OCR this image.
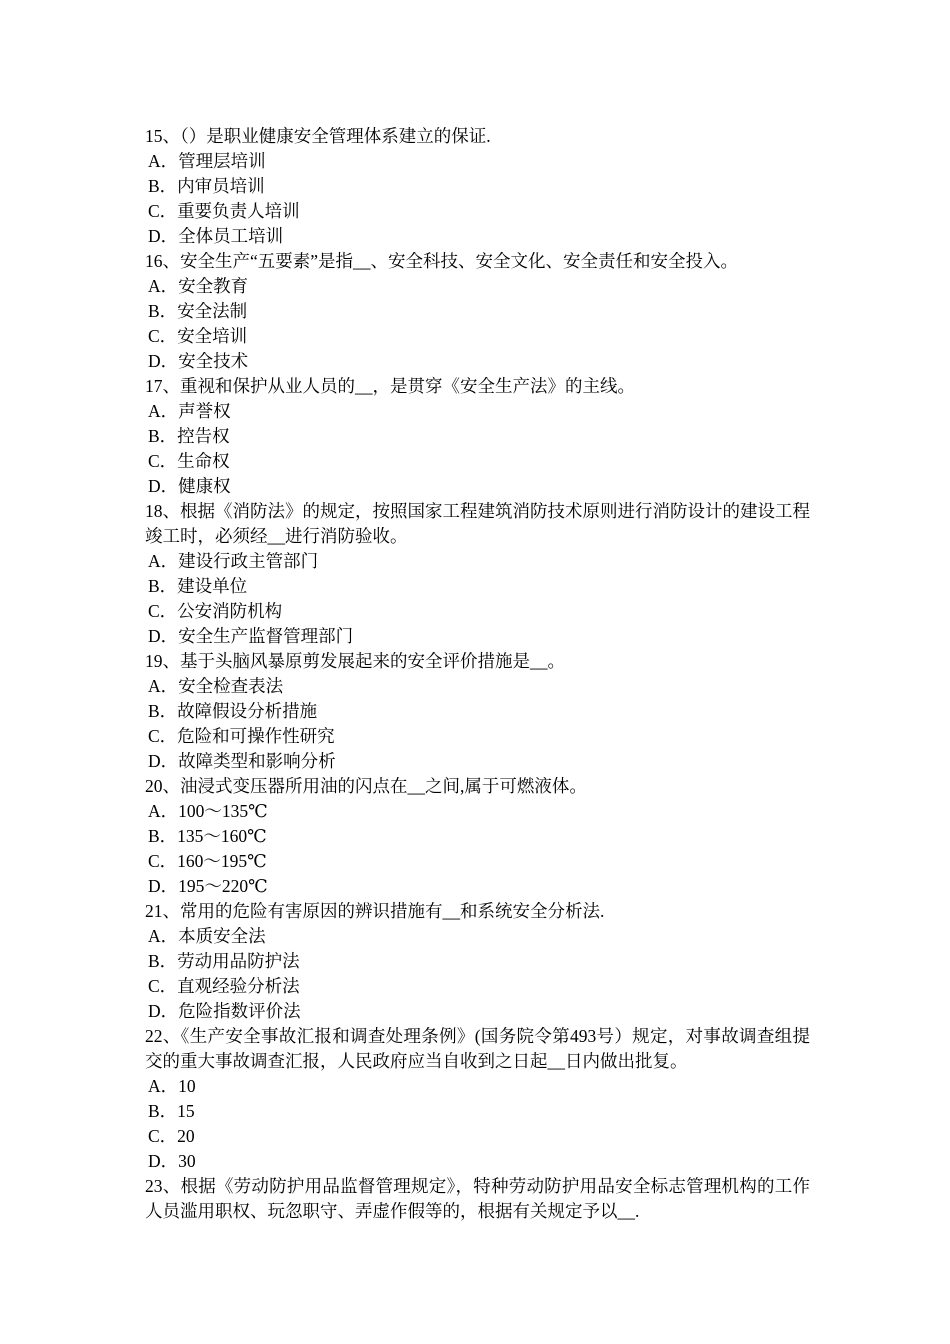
15、（）是职业健康安全管理体系建立的保证.

A．管理层培训

B．内审员培训

C．重要负责人培训

D．全体员工培训

16、安全生产“五要素”是指__、安全科技、安全文化、安全责任和安全投入。

A．安全教育

B．安全法制

C．安全培训

D．安全技术

17、重视和保护从业人员的__，是贯穿《安全生产法》的主线。

A．声誉权

B．控告权

C．生命权

D．健康权

18、根据《消防法》的规定，按照国家工程建筑消防技术原则进行消防设计的建设工程竣工时，必须经__进行消防验收。

A．建设行政主管部门

B．建设单位

C．公安消防机构

D．安全生产监督管理部门

19、基于头脑风暴原剪发展起来的安全评价措施是__。

A．安全检查表法

B．故障假设分析措施

C．危险和可操作性研究

D．故障类型和影响分析

20、油浸式变压器所用油的闪点在__之间,属于可燃液体。

A．100～135℃

B．135～160℃

C．160～195℃

D．195～220℃

21、常用的危险有害原因的辨识措施有__和系统安全分析法.

A．本质安全法

B．劳动用品防护法

C．直观经验分析法

D．危险指数评价法

22、《生产安全事故汇报和调查处理条例》(国务院令第493号）规定，对事故调查组提交的重大事故调查汇报，人民政府应当自收到之日起__日内做出批复。

A．10

B．15

C．20

D．30

23、根据《劳动防护用品监督管理规定》，特种劳动防护用品安全标志管理机构的工作人员滥用职权、玩忽职守、弄虚作假等的，根据有关规定予以__.
